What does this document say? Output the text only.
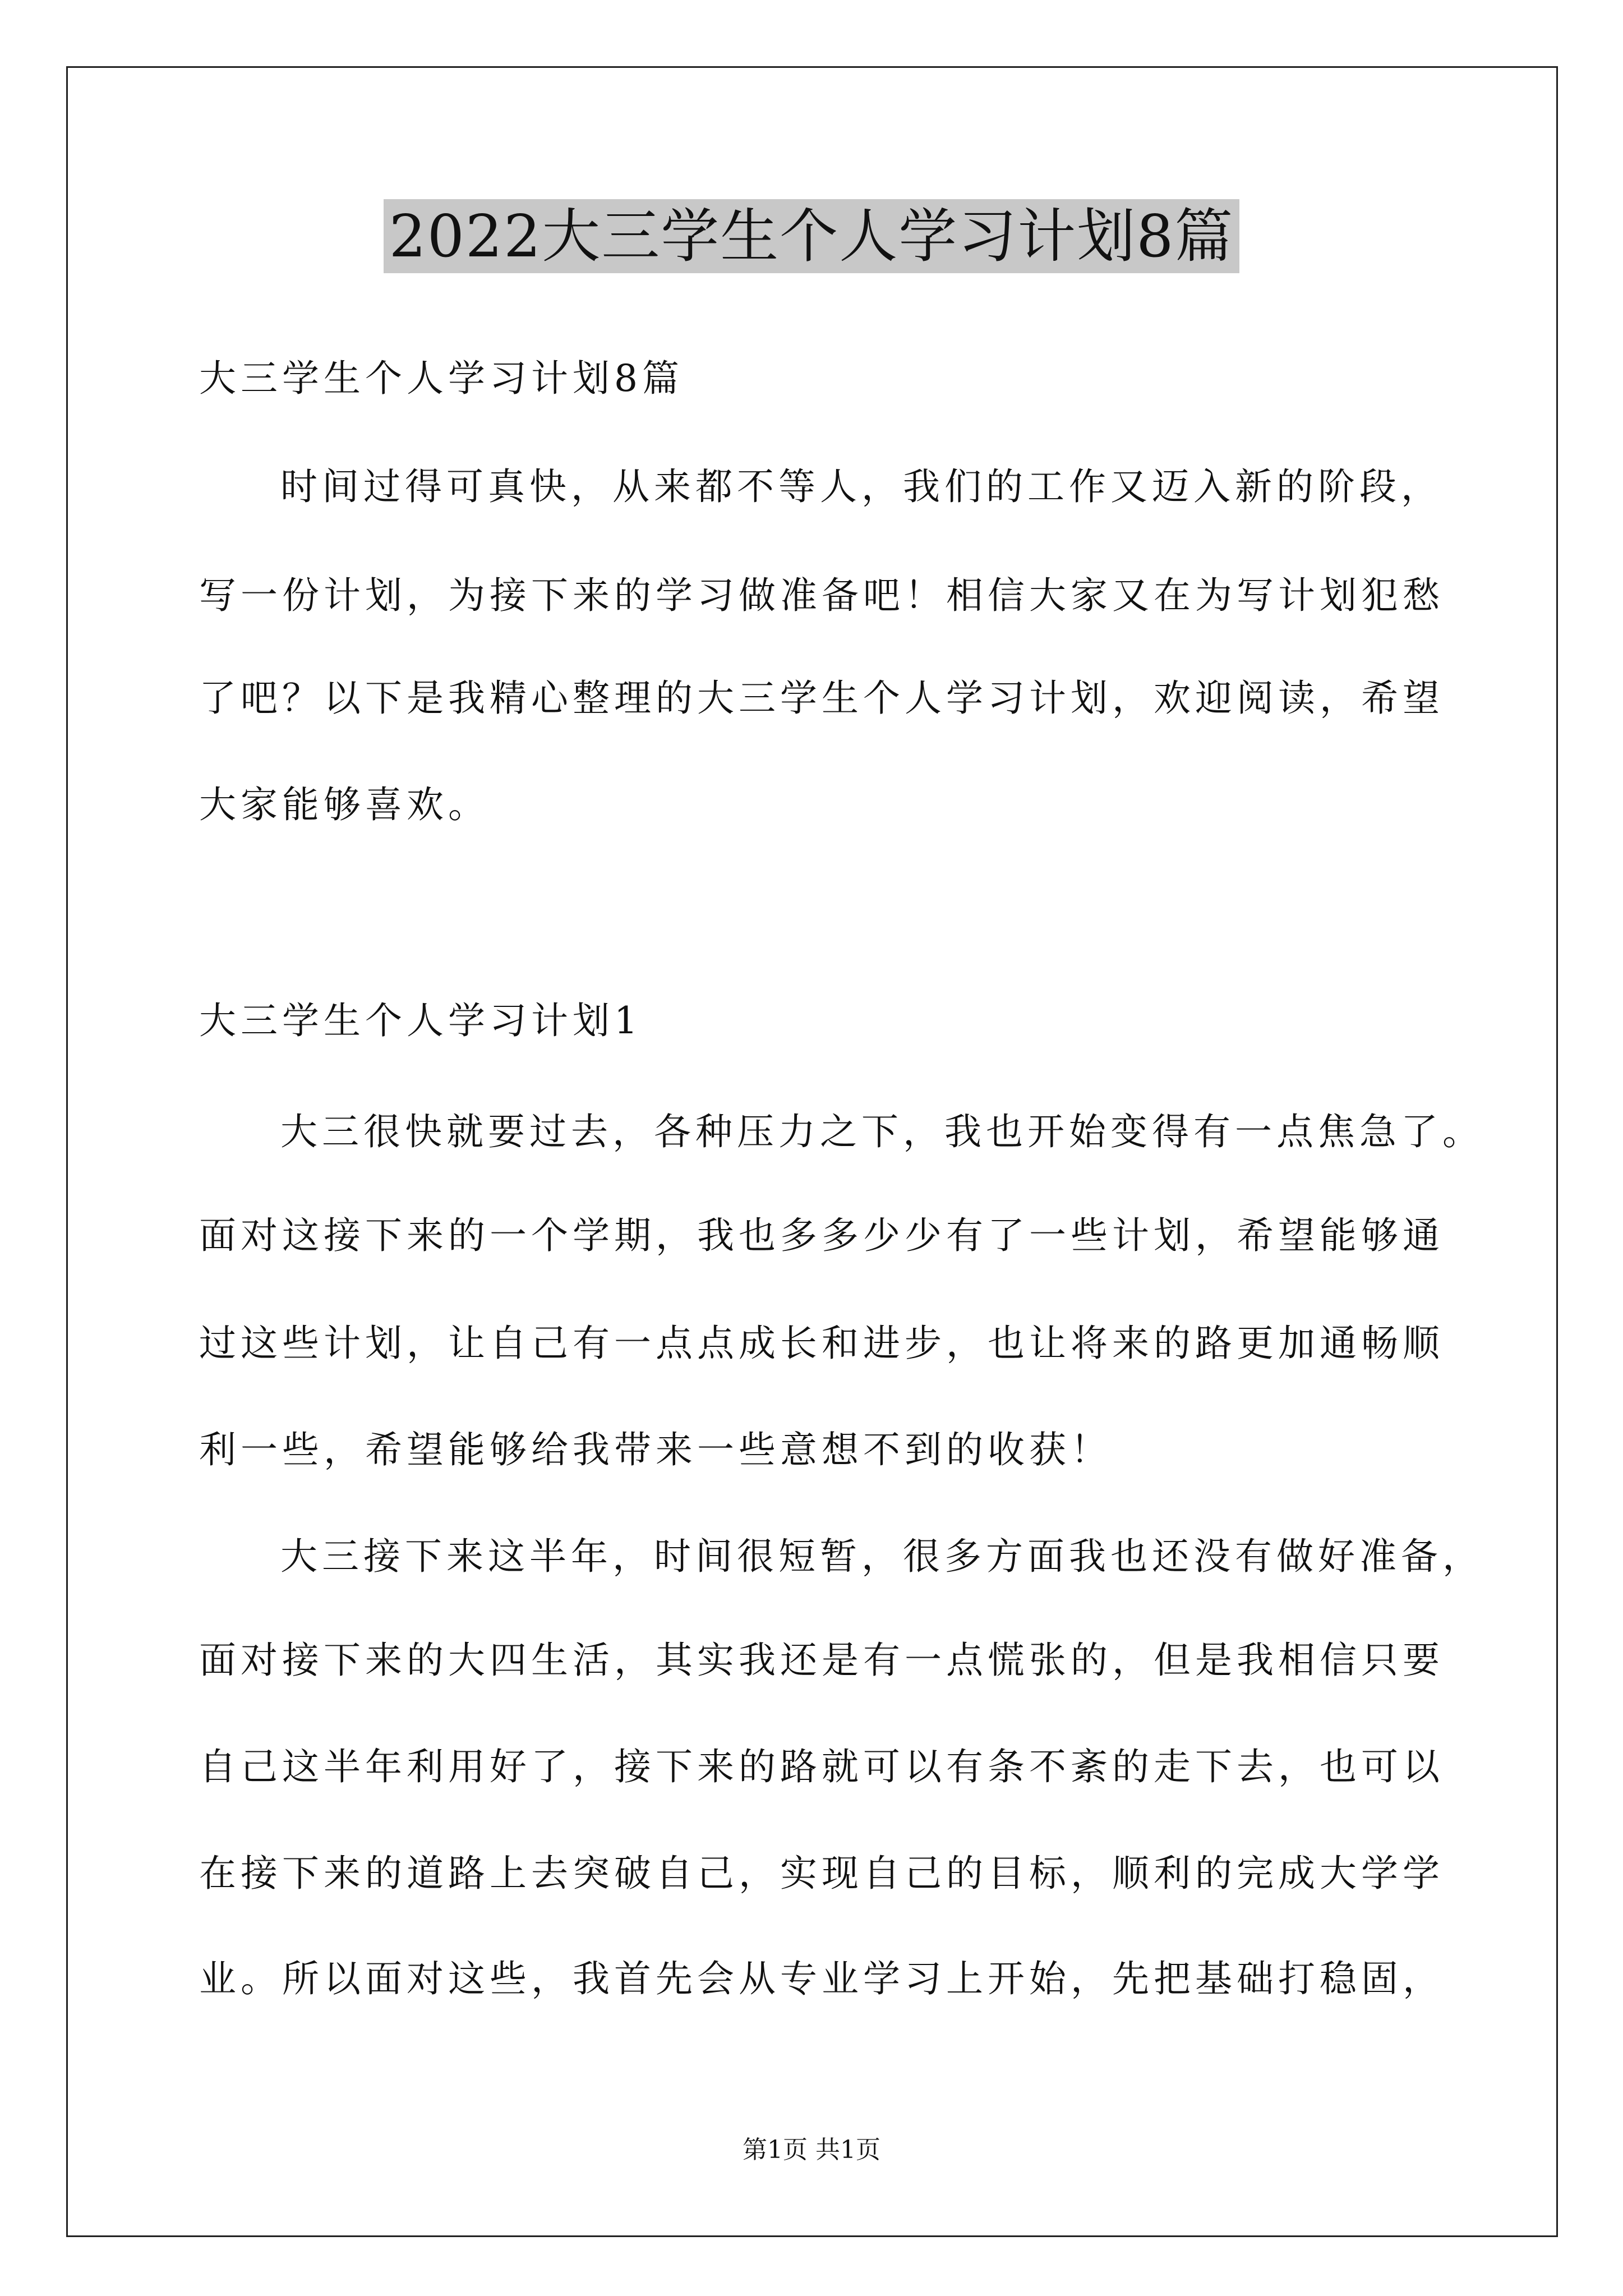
2022大三学生个人学习计划8篇
大三学生个人学习计划8篇
时间过得可真快，从来都不等人，我们的工作又迈入新的阶段，
写一份计划，为接下来的学习做准备吧！相信大家又在为写计划犯愁
了吧？以下是我精心整理的大三学生个人学习计划，欢迎阅读，希望
大家能够喜欢。
大三学生个人学习计划1
大三很快就要过去，各种压力之下，我也开始变得有一点焦急了。
面对这接下来的一个学期，我也多多少少有了一些计划，希望能够通
过这些计划，让自己有一点点成长和进步，也让将来的路更加通畅顺
利一些，希望能够给我带来一些意想不到的收获！
大三接下来这半年，时间很短暂，很多方面我也还没有做好准备，
面对接下来的大四生活，其实我还是有一点慌张的，但是我相信只要
自己这半年利用好了，接下来的路就可以有条不紊的走下去，也可以
在接下来的道路上去突破自己，实现自己的目标，顺利的完成大学学
业。所以面对这些，我首先会从专业学习上开始，先把基础打稳固，
第1页 共1页
